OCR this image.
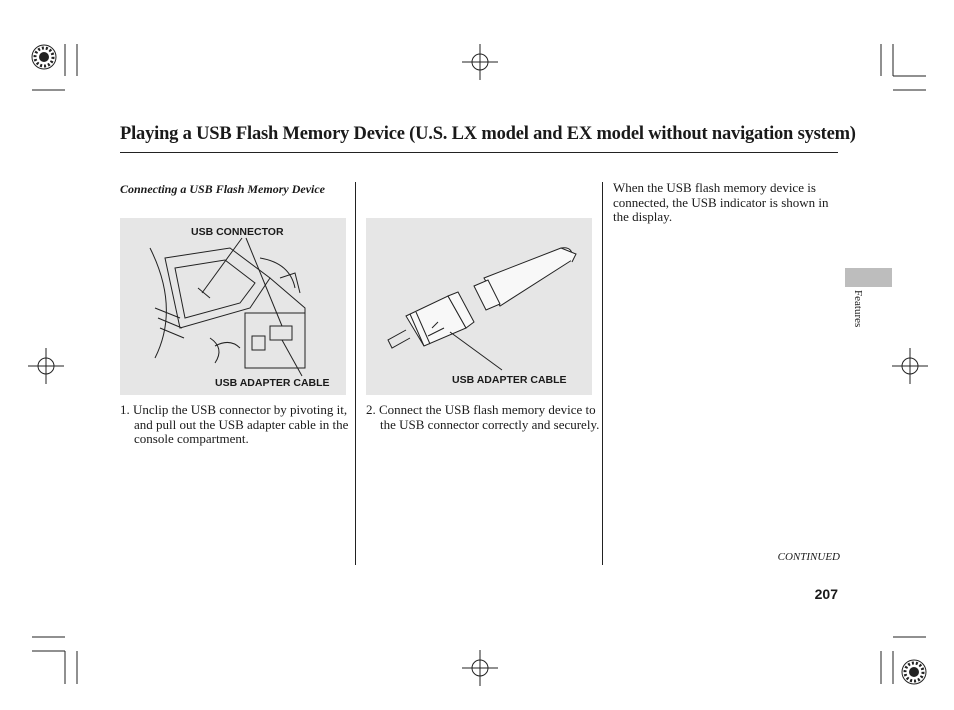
Playing a USB Flash Memory Device (U.S. LX model and EX model without navigation system)
Connecting a USB Flash Memory Device
USB CONNECTOR
USB ADAPTER CABLE	USB ADAPTER CABLE
1. Unclip the USB connector by pivoting it, and pull out the USB adapter cable in the console compartment.
2. Connect the USB flash memory device to the USB connector correctly and securely.
When the USB flash memory device is connected, the USB indicator is shown in the display.
Features
CONTINUED
207
